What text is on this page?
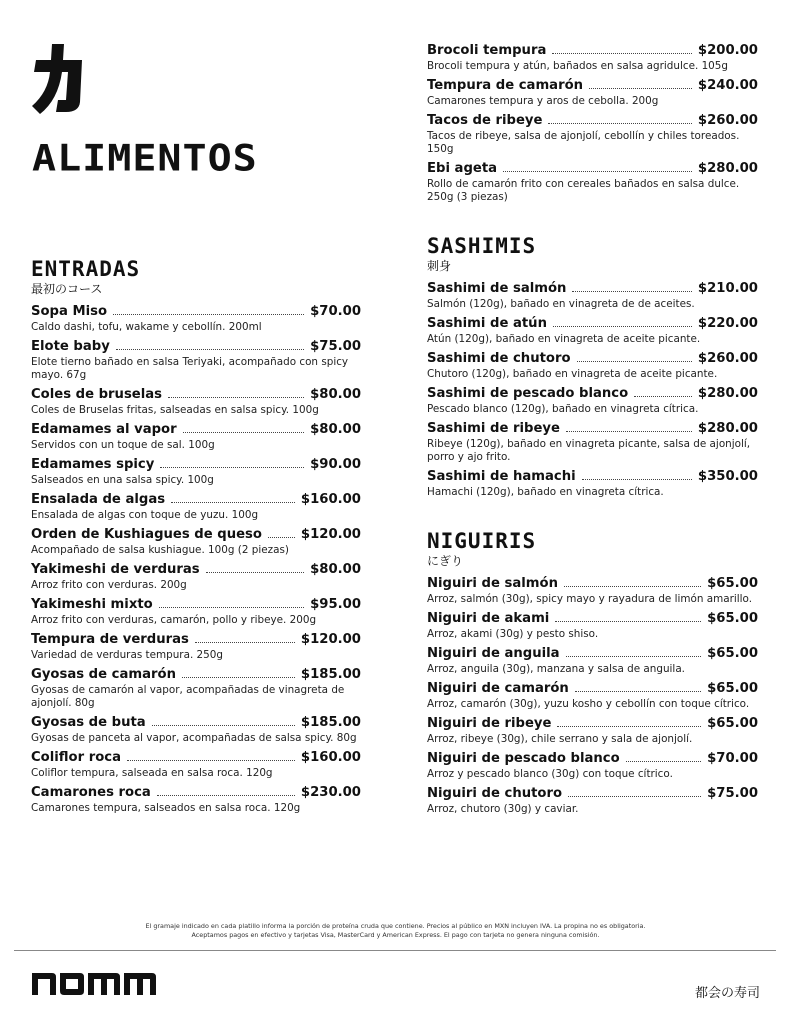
ALIMENTOS
ENTRADAS
最初のコース
Sopa Miso	$70.00
Caldo dashi, tofu, wakame y cebollín. 200ml
Elote baby	$75.00
Elote tierno bañado en salsa Teriyaki, acompañado con spicy mayo. 67g
Coles de bruselas	$80.00
Coles de Bruselas fritas, salseadas en salsa spicy. 100g
Edamames al vapor	$80.00
Servidos con un toque de sal. 100g
Edamames spicy	$90.00
Salseados en una salsa spicy. 100g
Ensalada de algas	$160.00
Ensalada de algas con toque de yuzu. 100g
Orden de Kushiagues de queso	$120.00
Acompañado de salsa kushiague. 100g (2 piezas)
Yakimeshi de verduras	$80.00
Arroz frito con verduras. 200g
Yakimeshi mixto	$95.00
Arroz frito con verduras, camarón, pollo y ribeye. 200g
Tempura de verduras	$120.00
Variedad de verduras tempura. 250g
Gyosas de camarón	$185.00
Gyosas de camarón al vapor, acompañadas de vinagreta de ajonjolí. 80g
Gyosas de buta	$185.00
Gyosas de panceta al vapor, acompañadas de salsa spicy. 80g
Coliflor roca	$160.00
Coliflor tempura, salseada en salsa roca. 120g
Camarones roca	$230.00
Camarones tempura, salseados en salsa roca. 120g
Brocoli tempura	$200.00
Brocoli tempura y atún, bañados en salsa agridulce. 105g
Tempura de camarón	$240.00
Camarones tempura y aros de cebolla. 200g
Tacos de ribeye	$260.00
Tacos de ribeye, salsa de ajonjolí, cebollín y chiles toreados. 150g
Ebi ageta	$280.00
Rollo de camarón frito con cereales bañados en salsa dulce. 250g (3 piezas)
SASHIMIS
刺身
Sashimi de salmón	$210.00
Salmón (120g), bañado en vinagreta de de aceites.
Sashimi de atún	$220.00
Atún (120g), bañado en vinagreta de aceite picante.
Sashimi de chutoro	$260.00
Chutoro (120g), bañado en vinagreta de aceite picante.
Sashimi de pescado blanco	$280.00
Pescado blanco (120g), bañado en vinagreta cítrica.
Sashimi de ribeye	$280.00
Ribeye (120g), bañado en vinagreta picante, salsa de ajonjolí, porro y ajo frito.
Sashimi de hamachi	$350.00
Hamachi (120g), bañado en vinagreta cítrica.
NIGUIRIS
にぎり
Niguiri de salmón	$65.00
Arroz, salmón (30g), spicy mayo y rayadura de limón amarillo.
Niguiri de akami	$65.00
Arroz, akami (30g) y pesto shiso.
Niguiri de anguila	$65.00
Arroz, anguila (30g), manzana y salsa de anguila.
Niguiri de camarón	$65.00
Arroz, camarón (30g), yuzu kosho y cebollín con toque cítrico.
Niguiri de ribeye	$65.00
Arroz, ribeye (30g), chile serrano y sala de ajonjolí.
Niguiri de pescado blanco	$70.00
Arroz y pescado blanco (30g) con toque cítrico.
Niguiri de chutoro	$75.00
Arroz, chutoro (30g) y caviar.
El gramaje indicado en cada platillo informa la porción de proteína cruda que contiene. Precios al público en MXN incluyen IVA. La propina no es obligatoria.
Aceptamos pagos en efectivo y tarjetas Visa, MasterCard y American Express. El pago con tarjeta no genera ninguna comisión.
都会の寿司
